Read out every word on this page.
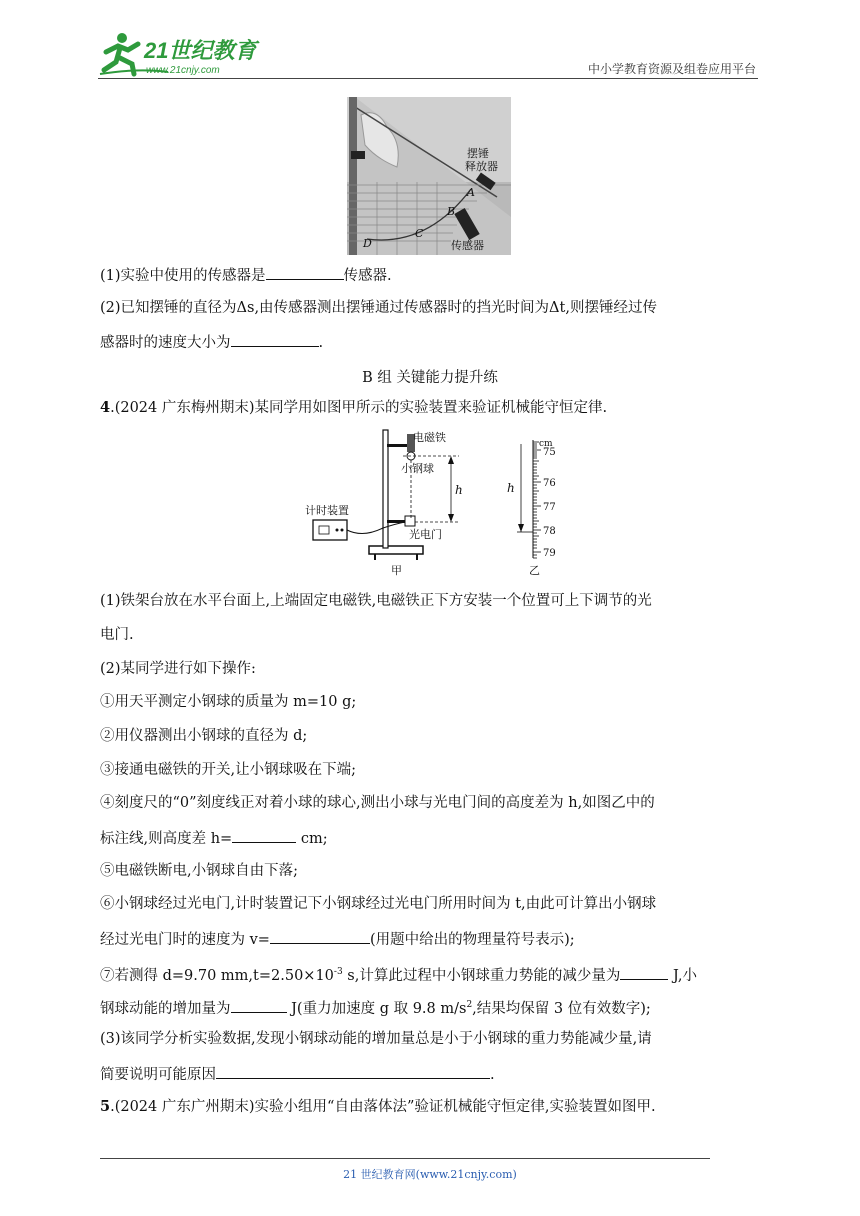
21世纪教育
www.21cnjy.com	中小学教育资源及组卷应用平台
摆锤
释放器
A
B
C
D	传感器
(1)实验中使用的传感器是	传感器.
(2)已知摆锤的直径为Δs,由传感器测出摆锤通过传感器时的挡光时间为Δt,则摆锤经过传
感器时的速度大小为	.
B 组 关键能力提升练
4.(2024 广东梅州期末)某同学用如图甲所示的实验装置来验证机械能守恒定律.
电磁铁
小钢球
h
计时装置
光电门
甲
h
cm
75
76
77
78
79
乙
(1)铁架台放在水平台面上,上端固定电磁铁,电磁铁正下方安装一个位置可上下调节的光
电门.
(2)某同学进行如下操作:
①用天平测定小钢球的质量为 m=10 g;
②用仪器测出小钢球的直径为 d;
③接通电磁铁的开关,让小钢球吸在下端;
④刻度尺的“0”刻度线正对着小球的球心,测出小球与光电门间的高度差为 h,如图乙中的
标注线,则高度差 h=	cm;
⑤电磁铁断电,小钢球自由下落;
⑥小钢球经过光电门,计时装置记下小钢球经过光电门所用时间为 t,由此可计算出小钢球
经过光电门时的速度为 v=	(用题中给出的物理量符号表示);
⑦若测得 d=9.70 $mm,t=2.50\times 10^{-3}$ s,计算此过程中小钢球重力势能的减少量为	J,小
钢球动能的增加量为	J(重力加速度 g 取 9.8 $m/s^2$,结果均保留 3 位有效数字);
(3)该同学分析实验数据,发现小钢球动能的增加量总是小于小钢球的重力势能减少量,请
简要说明可能原因	.
5.(2024 广东广州期末)实验小组用“自由落体法”验证机械能守恒定律,实验装置如图甲.
21 世纪教育网(www.21cnjy.com)
